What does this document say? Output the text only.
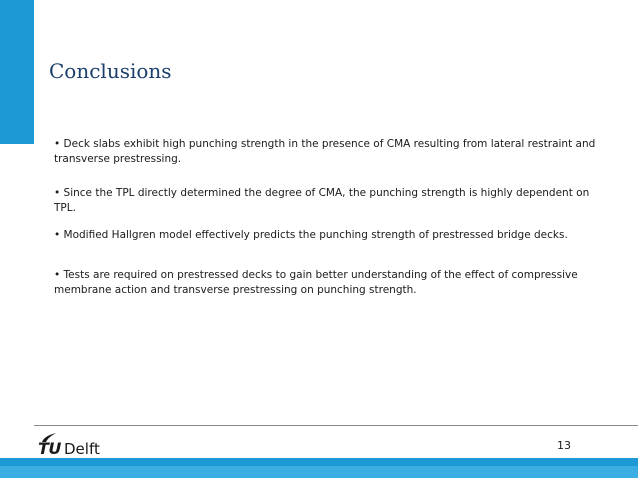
Conclusions
• Deck slabs exhibit high punching strength in the presence of CMA resulting from lateral restraint and transverse prestressing.
• Since the TPL directly determined the degree of CMA, the punching strength is highly dependent on TPL.
• Modified Hallgren model effectively predicts the punching strength of prestressed bridge decks.
• Tests are required on prestressed decks to gain better understanding of the effect of compressive membrane action and transverse prestressing on punching strength.
TU Delft	13
